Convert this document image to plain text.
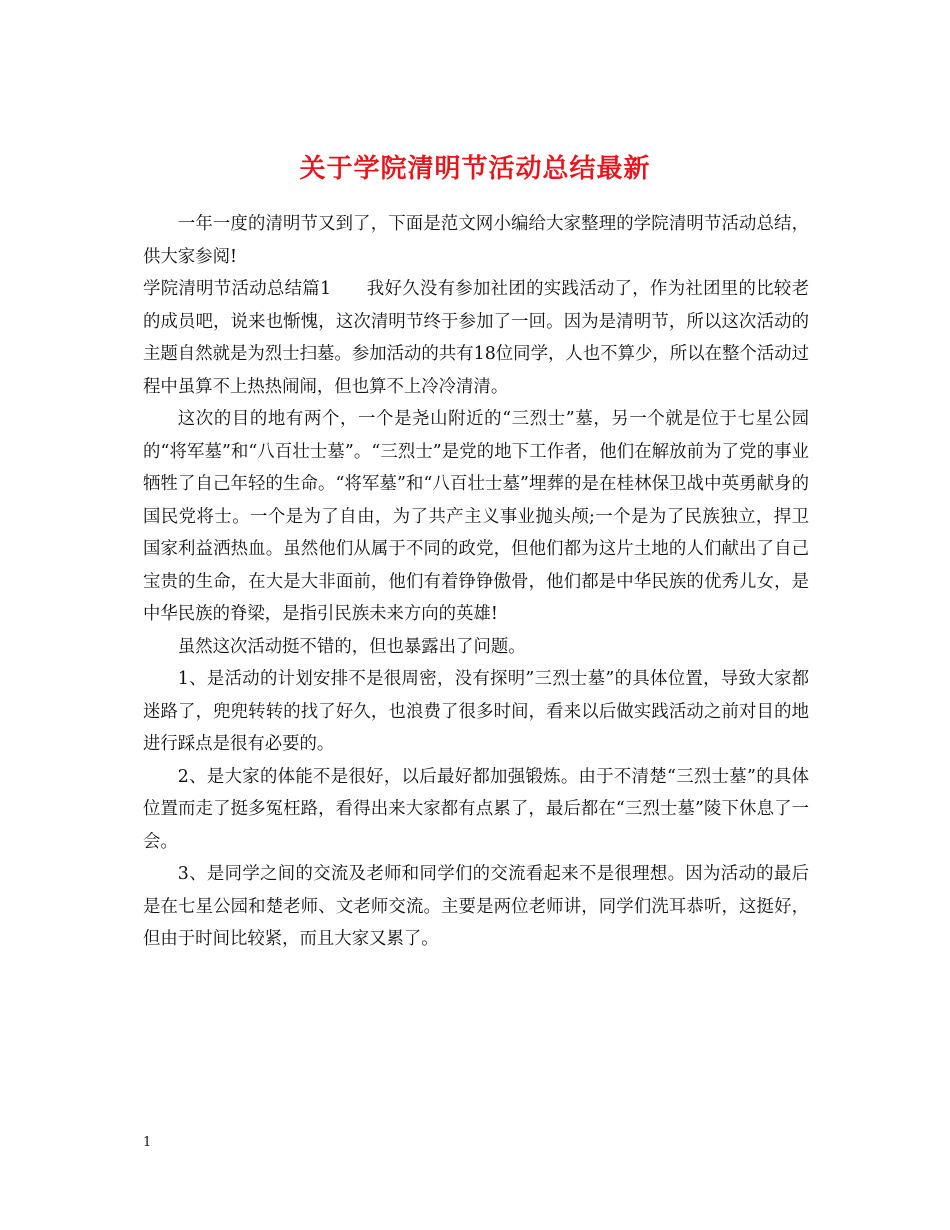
关于学院清明节活动总结最新

一年一度的清明节又到了，下面是范文网小编给大家整理的学院清明节活动总结，供大家参阅!

学院清明节活动总结篇1　　我好久没有参加社团的实践活动了，作为社团里的比较老的成员吧，说来也惭愧，这次清明节终于参加了一回。因为是清明节，所以这次活动的主题自然就是为烈士扫墓。参加活动的共有18位同学，人也不算少，所以在整个活动过程中虽算不上热热闹闹，但也算不上冷冷清清。

这次的目的地有两个，一个是尧山附近的“三烈士”墓，另一个就是位于七星公园的“将军墓”和“八百壮士墓”。“三烈士”是党的地下工作者，他们在解放前为了党的事业牺牲了自己年轻的生命。“将军墓”和“八百壮士墓”埋葬的是在桂林保卫战中英勇献身的国民党将士。一个是为了自由，为了共产主义事业抛头颅;一个是为了民族独立，捍卫国家利益洒热血。虽然他们从属于不同的政党，但他们都为这片土地的人们献出了自己宝贵的生命，在大是大非面前，他们有着铮铮傲骨，他们都是中华民族的优秀儿女，是中华民族的脊梁，是指引民族未来方向的英雄!

虽然这次活动挺不错的，但也暴露出了问题。

1、是活动的计划安排不是很周密，没有探明”三烈士墓”的具体位置，导致大家都迷路了，兜兜转转的找了好久，也浪费了很多时间，看来以后做实践活动之前对目的地进行踩点是很有必要的。

2、是大家的体能不是很好，以后最好都加强锻炼。由于不清楚“三烈士墓”的具体位置而走了挺多冤枉路，看得出来大家都有点累了，最后都在“三烈士墓”陵下休息了一会。

3、是同学之间的交流及老师和同学们的交流看起来不是很理想。因为活动的最后是在七星公园和楚老师、文老师交流。主要是两位老师讲，同学们洗耳恭听，这挺好，但由于时间比较紧，而且大家又累了。

1
